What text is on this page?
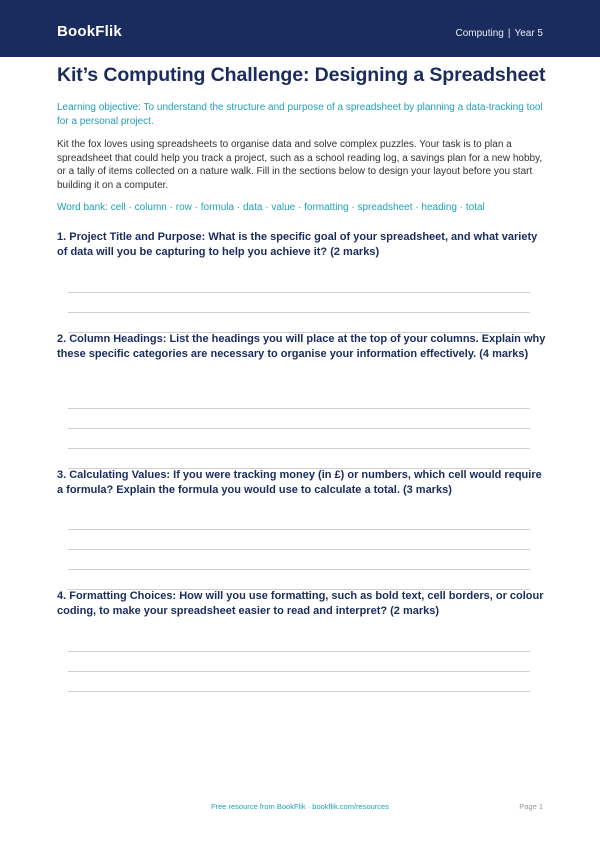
BookFlik	Computing | Year 5
Kit’s Computing Challenge: Designing a Spreadsheet
Learning objective: To understand the structure and purpose of a spreadsheet by planning a data-tracking tool for a personal project.
Kit the fox loves using spreadsheets to organise data and solve complex puzzles. Your task is to plan a spreadsheet that could help you track a project, such as a school reading log, a savings plan for a new hobby, or a tally of items collected on a nature walk. Fill in the sections below to design your layout before you start building it on a computer.
Word bank: cell · column · row · formula · data · value · formatting · spreadsheet · heading · total

1. Project Title and Purpose: What is the specific goal of your spreadsheet, and what variety of data will you be capturing to help you achieve it? (2 marks)

2. Column Headings: List the headings you will place at the top of your columns. Explain why these specific categories are necessary to organise your information effectively. (4 marks)

3. Calculating Values: If you were tracking money (in £) or numbers, which cell would require a formula? Explain the formula you would use to calculate a total. (3 marks)

4. Formatting Choices: How will you use formatting, such as bold text, cell borders, or colour coding, to make your spreadsheet easier to read and interpret? (2 marks)

Free resource from BookFlik · bookflik.com/resources	Page 1
